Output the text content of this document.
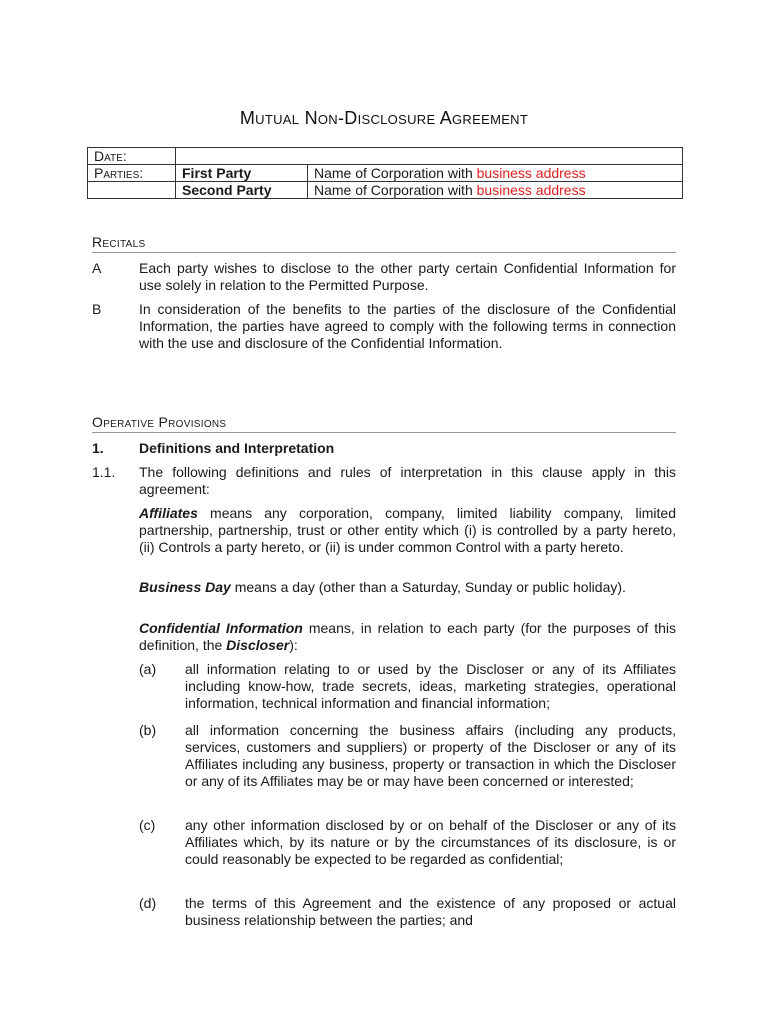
Mutual Non-Disclosure Agreement
Date:		
Parties:	First Party	Name of Corporation with business address
	Second Party	Name of Corporation with business address
Recitals
A	Each party wishes to disclose to the other party certain Confidential Information for use solely in relation to the Permitted Purpose.
B	In consideration of the benefits to the parties of the disclosure of the Confidential Information, the parties have agreed to comply with the following terms in connection with the use and disclosure of the Confidential Information.
Operative Provisions
1.	Definitions and Interpretation
1.1. The following definitions and rules of interpretation in this clause apply in this agreement:
Affiliates means any corporation, company, limited liability company, limited partnership, partnership, trust or other entity which (i) is controlled by a party hereto, (ii) Controls a party hereto, or (ii) is under common Control with a party hereto.
Business Day means a day (other than a Saturday, Sunday or public holiday).
Confidential Information means, in relation to each party (for the purposes of this definition, the Discloser):
(a) all information relating to or used by the Discloser or any of its Affiliates including know-how, trade secrets, ideas, marketing strategies, operational information, technical information and financial information;
(b) all information concerning the business affairs (including any products, services, customers and suppliers) or property of the Discloser or any of its Affiliates including any business, property or transaction in which the Discloser or any of its Affiliates may be or may have been concerned or interested;
(c) any other information disclosed by or on behalf of the Discloser or any of its Affiliates which, by its nature or by the circumstances of its disclosure, is or could reasonably be expected to be regarded as confidential;
(d) the terms of this Agreement and the existence of any proposed or actual business relationship between the parties; and
